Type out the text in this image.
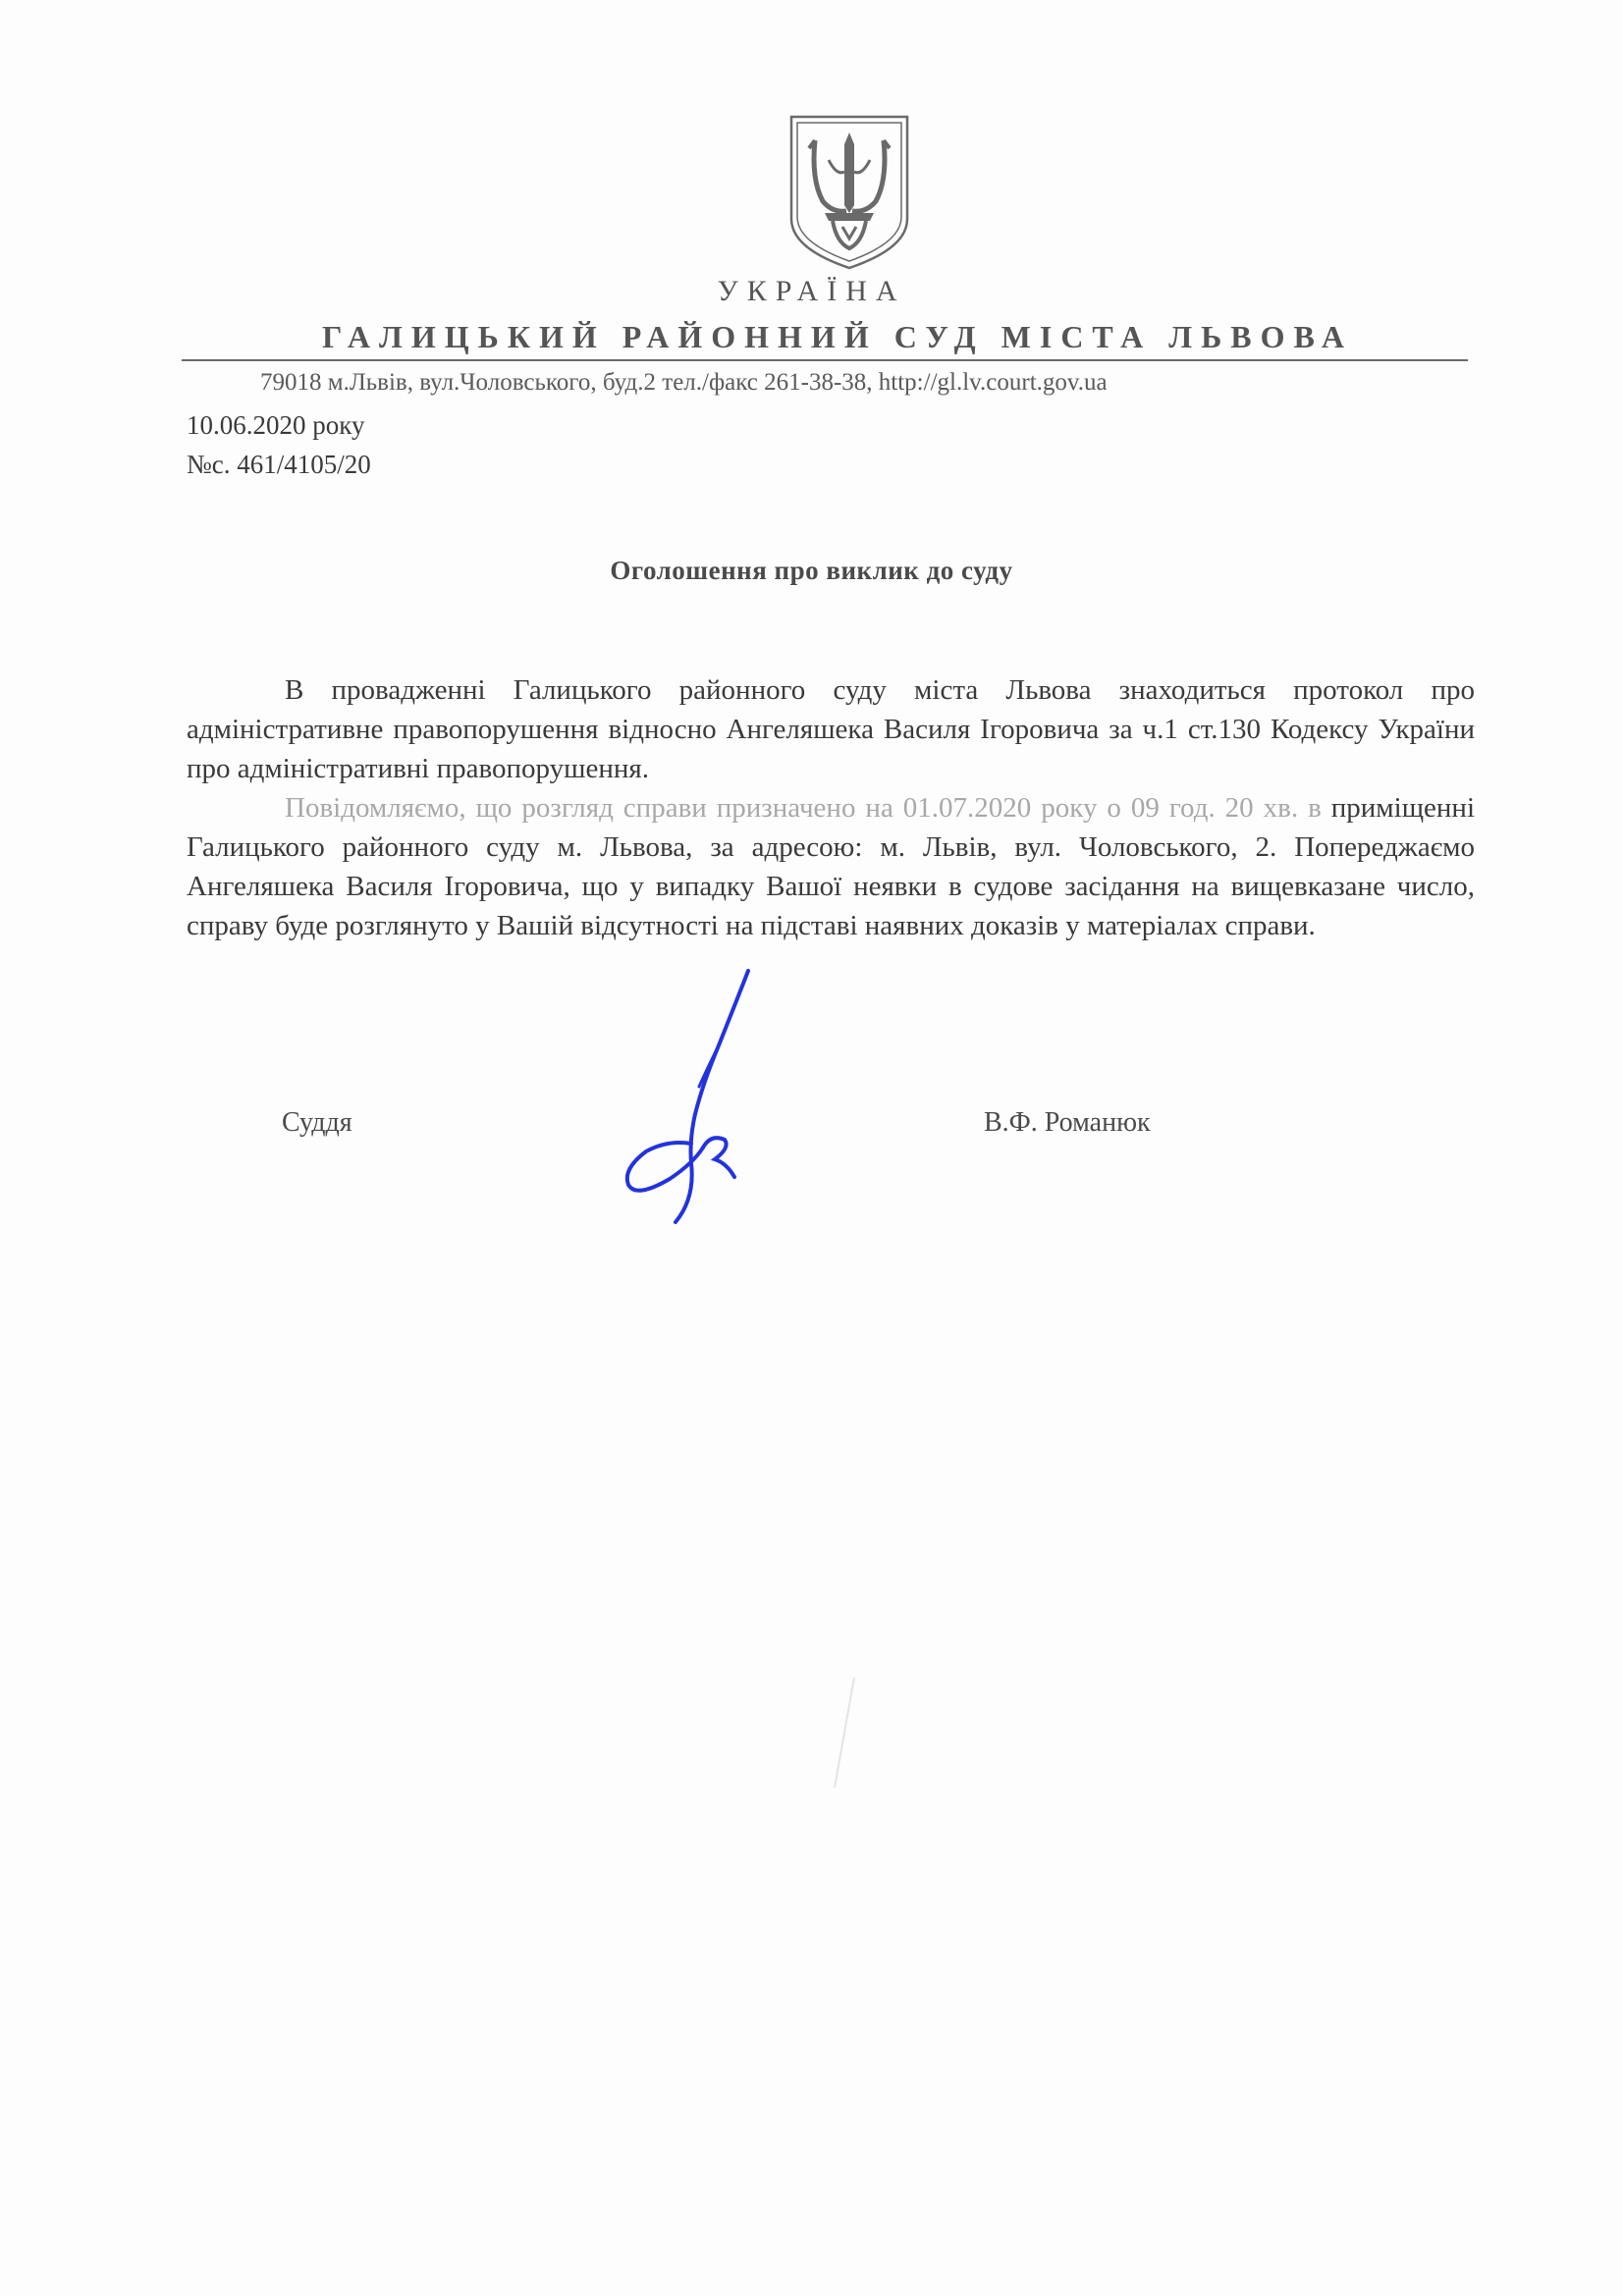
УКРАЇНА
ГАЛИЦЬКИЙ РАЙОННИЙ СУД МІСТА ЛЬВОВА
79018 м.Львів, вул.Чоловського, буд.2 тел./факс 261-38-38, http://gl.lv.court.gov.ua
10.06.2020 року
№с. 461/4105/20
Оголошення про виклик до суду

В провадженні Галицького районного суду міста Львова знаходиться протокол про адміністративне правопорушення відносно Ангеляшека Василя Ігоровича за ч.1 ст.130 Кодексу України про адміністративні правопорушення.

Повідомляємо, що розгляд справи призначено на 01.07.2020 року о 09 год. 20 хв. в приміщенні Галицького районного суду м. Львова, за адресою: м. Львів, вул. Чоловського, 2. Попереджаємо Ангеляшека Василя Ігоровича, що у випадку Вашої неявки в судове засідання на вищевказане число, справу буде розглянуто у Вашій відсутності на підставі наявних доказів у матеріалах справи.

Суддя	В.Ф. Романюк
